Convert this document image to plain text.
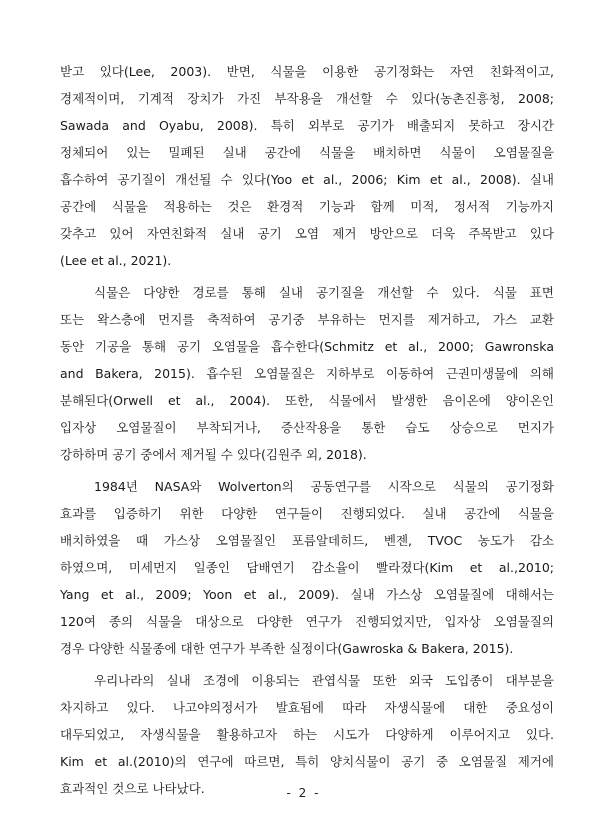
받고 있다(Lee, 2003). 반면, 식물을 이용한 공기정화는 자연 친화적이고,
경제적이며, 기계적 장치가 가진 부작용을 개선할 수 있다(농촌진흥청, 2008;
Sawada and Oyabu, 2008). 특히 외부로 공기가 배출되지 못하고 장시간
정체되어 있는 밀폐된 실내 공간에 식물을 배치하면 식물이 오염물질을
흡수하여 공기질이 개선될 수 있다(Yoo et al., 2006; Kim et al., 2008). 실내
공간에 식물을 적용하는 것은 환경적 기능과 함께 미적, 정서적 기능까지
갖추고 있어 자연친화적 실내 공기 오염 제거 방안으로 더욱 주목받고 있다
(Lee et al., 2021).
식물은 다양한 경로를 통해 실내 공기질을 개선할 수 있다. 식물 표면
또는 왁스층에 먼지를 축적하여 공기중 부유하는 먼지를 제거하고, 가스 교환
동안 기공을 통해 공기 오염물을 흡수한다(Schmitz et al., 2000; Gawronska
and Bakera, 2015). 흡수된 오염물질은 지하부로 이동하여 근권미생물에 의해
분해된다(Orwell et al., 2004). 또한, 식물에서 발생한 음이온에 양이온인
입자상 오염물질이 부착되거나, 증산작용을 통한 습도 상승으로 먼지가
강하하며 공기 중에서 제거될 수 있다(김원주 외, 2018).
1984년 NASA와 Wolverton의 공동연구를 시작으로 식물의 공기정화
효과를 입증하기 위한 다양한 연구들이 진행되었다. 실내 공간에 식물을
배치하였을 때 가스상 오염물질인 포름알데히드, 벤젠, TVOC 농도가 감소
하였으며, 미세먼지 일종인 담배연기 감소율이 빨라졌다(Kim et al.,2010;
Yang et al., 2009; Yoon et al., 2009). 실내 가스상 오염물질에 대해서는
120여 종의 식물을 대상으로 다양한 연구가 진행되었지만, 입자상 오염물질의
경우 다양한 식물종에 대한 연구가 부족한 실정이다(Gawroska & Bakera, 2015).
우리나라의 실내 조경에 이용되는 관엽식물 또한 외국 도입종이 대부분을
차지하고 있다. 나고야의정서가 발효됨에 따라 자생식물에 대한 중요성이
대두되었고, 자생식물을 활용하고자 하는 시도가 다양하게 이루어지고 있다.
Kim et al.(2010)의 연구에 따르면, 특히 양치식물이 공기 중 오염물질 제거에
효과적인 것으로 나타났다.	- 2 -
